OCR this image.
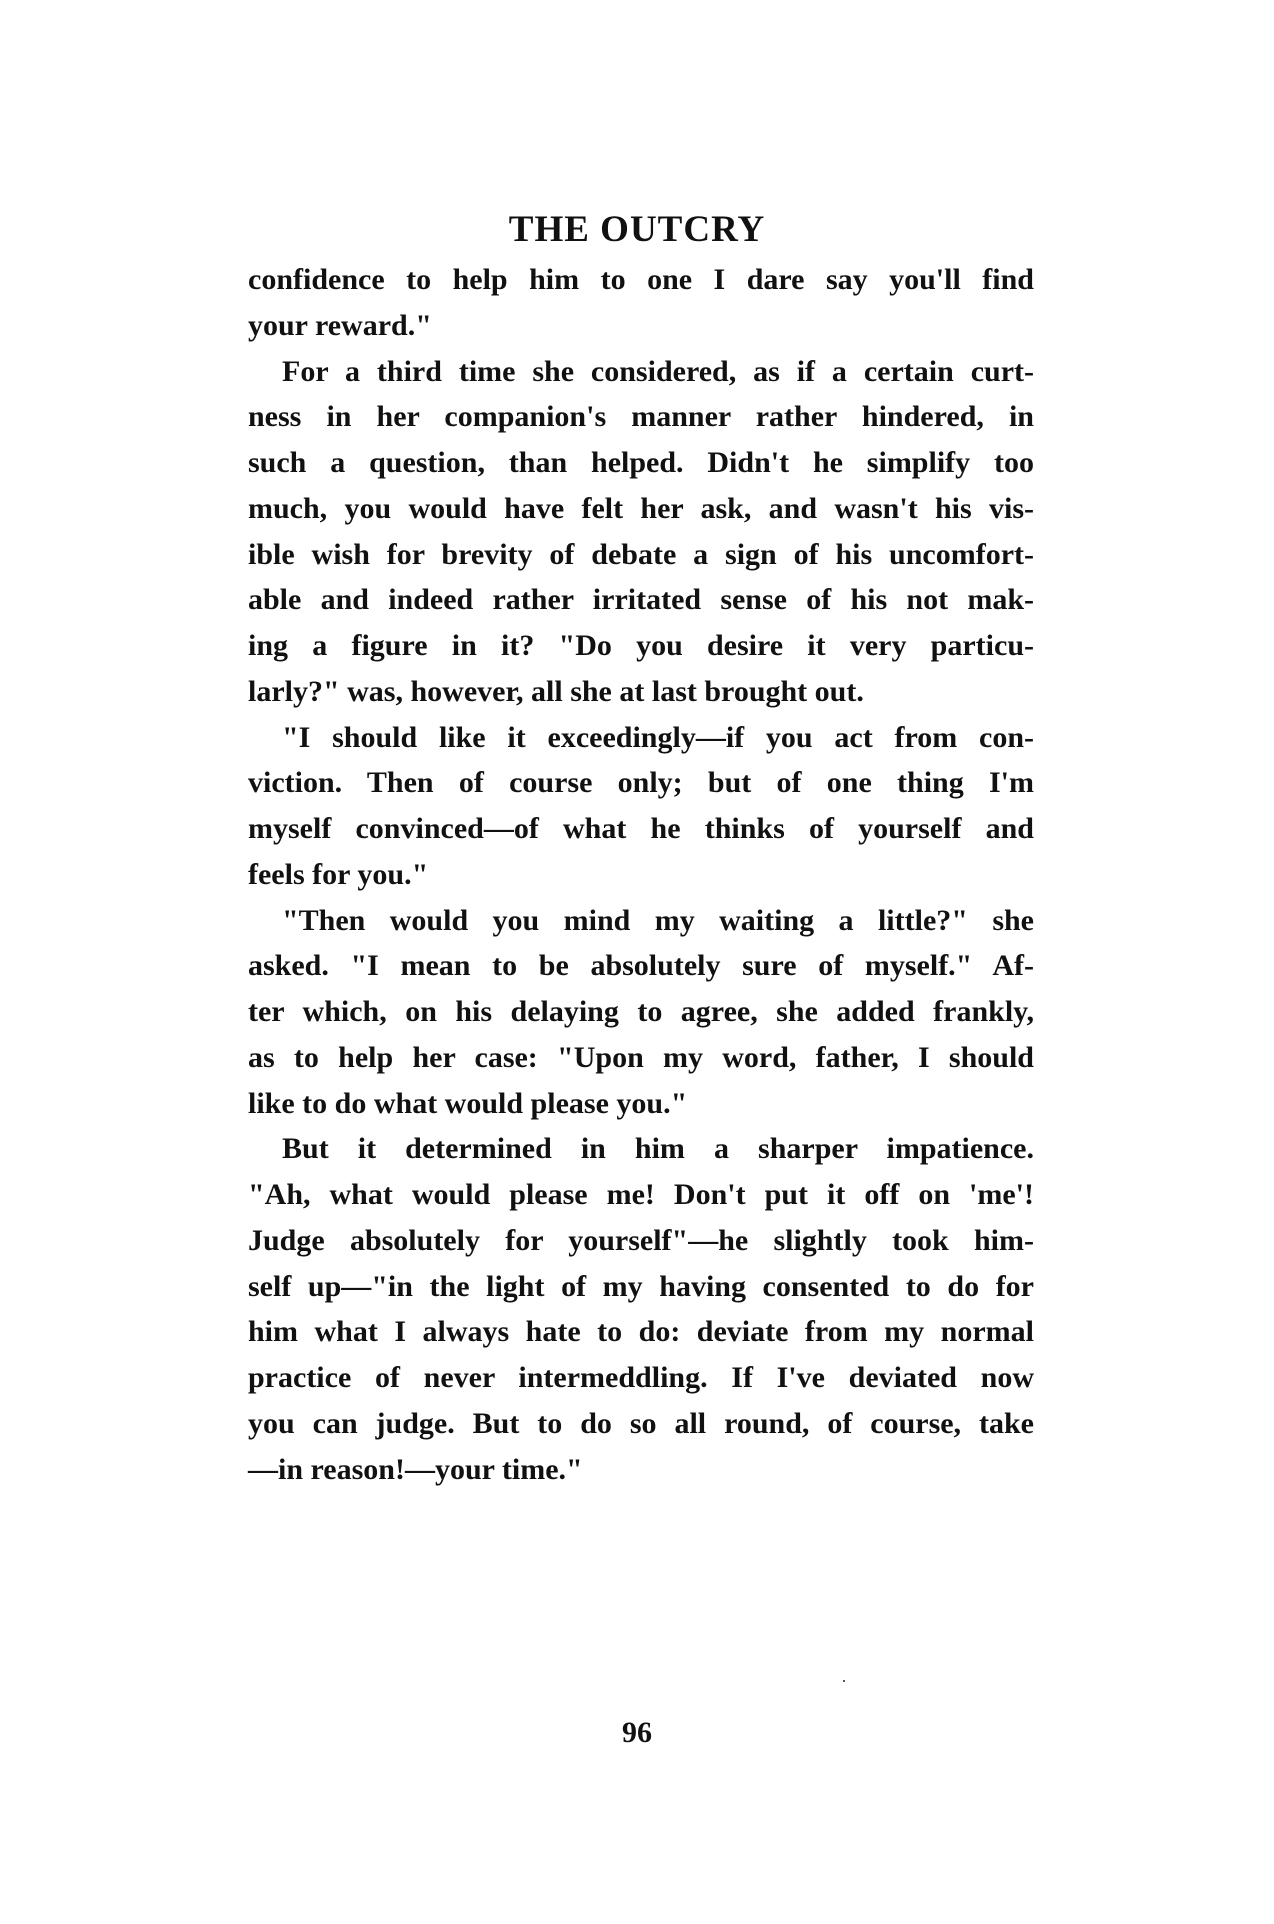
THE OUTCRY
confidence to help him to one I dare say you'll find
your reward."
For a third time she considered, as if a certain curt-
ness in her companion's manner rather hindered, in
such a question, than helped. Didn't he simplify too
much, you would have felt her ask, and wasn't his vis-
ible wish for brevity of debate a sign of his uncomfort-
able and indeed rather irritated sense of his not mak-
ing a figure in it? "Do you desire it very particu-
larly?" was, however, all she at last brought out.
"I should like it exceedingly—if you act from con-
viction. Then of course only; but of one thing I'm
myself convinced—of what he thinks of yourself and
feels for you."
"Then would you mind my waiting a little?" she
asked. "I mean to be absolutely sure of myself." Af-
ter which, on his delaying to agree, she added frankly,
as to help her case: "Upon my word, father, I should
like to do what would please you."
But it determined in him a sharper impatience.
"Ah, what would please me! Don't put it off on 'me'!
Judge absolutely for yourself"—he slightly took him-
self up—"in the light of my having consented to do for
him what I always hate to do: deviate from my normal
practice of never intermeddling. If I've deviated now
you can judge. But to do so all round, of course, take
—in reason!—your time."
96
